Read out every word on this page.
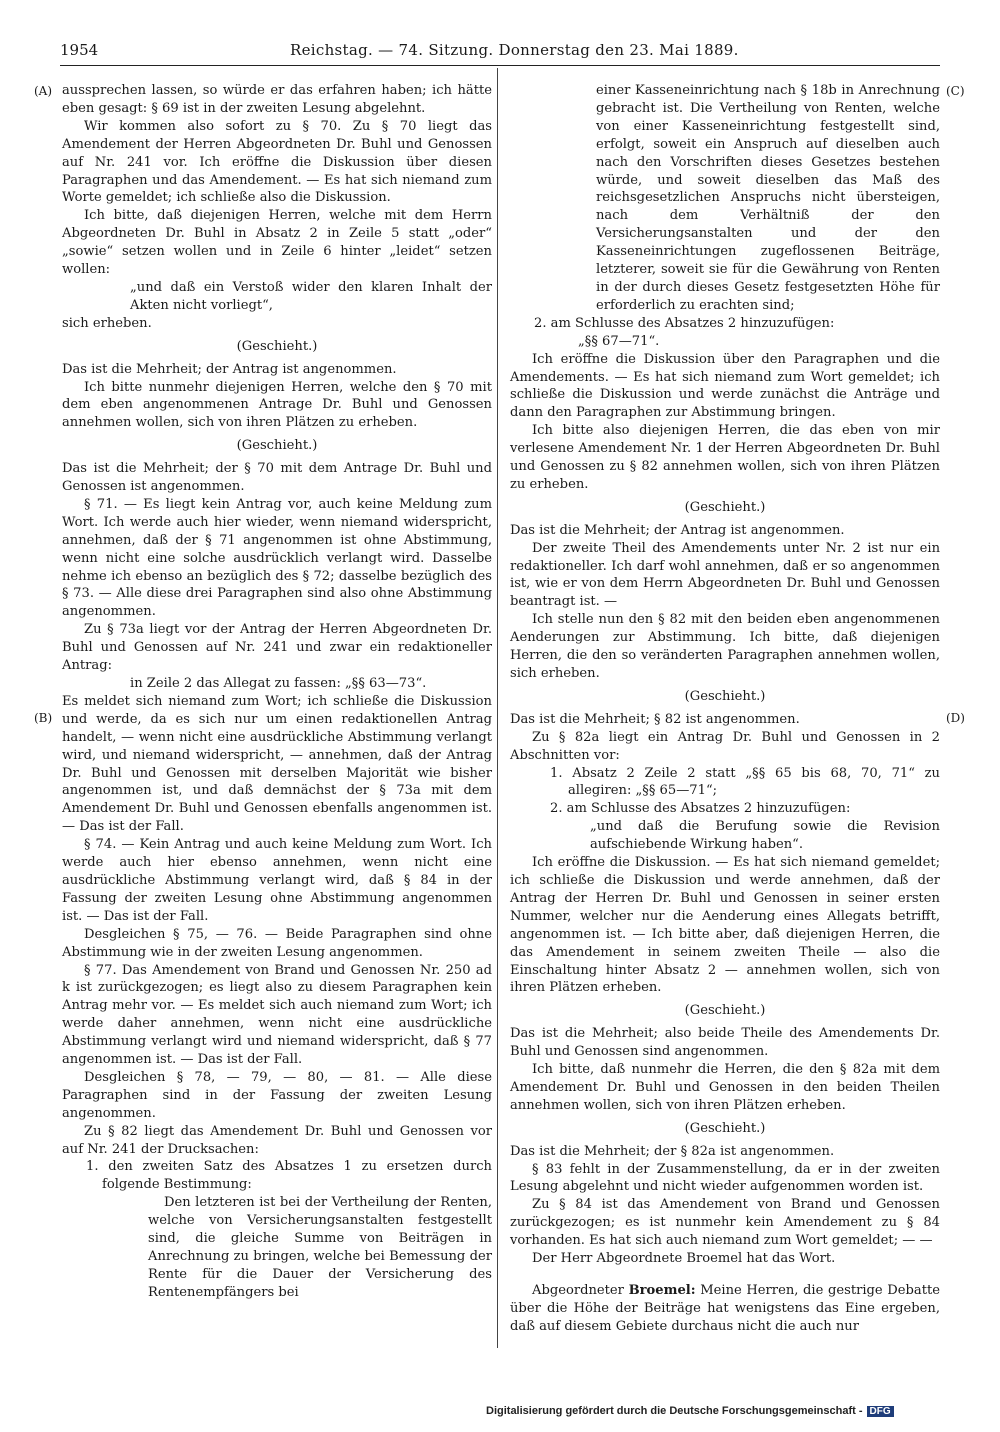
1954	Reichstag. — 74. Sitzung. Donnerstag den 23. Mai 1889.
(A)
(B)
(C)
(D)

aussprechen lassen, so würde er das erfahren haben; ich hätte eben gesagt: § 69 ist in der zweiten Lesung abgelehnt.

Wir kommen also sofort zu § 70. Zu § 70 liegt das Amendement der Herren Abgeordneten Dr. Buhl und Genossen auf Nr. 241 vor. Ich eröffne die Diskussion über diesen Paragraphen und das Amendement. — Es hat sich niemand zum Worte gemeldet; ich schließe also die Diskussion.

Ich bitte, daß diejenigen Herren, welche mit dem Herrn Abgeordneten Dr. Buhl in Absatz 2 in Zeile 5 statt „oder“ „sowie“ setzen wollen und in Zeile 6 hinter „leidet“ setzen wollen:

„und daß ein Verstoß wider den klaren Inhalt der Akten nicht vorliegt“,

sich erheben.

(Geschieht.)

Das ist die Mehrheit; der Antrag ist angenommen.

Ich bitte nunmehr diejenigen Herren, welche den § 70 mit dem eben angenommenen Antrage Dr. Buhl und Genossen annehmen wollen, sich von ihren Plätzen zu erheben.

(Geschieht.)

Das ist die Mehrheit; der § 70 mit dem Antrage Dr. Buhl und Genossen ist angenommen.

§ 71. — Es liegt kein Antrag vor, auch keine Meldung zum Wort. Ich werde auch hier wieder, wenn niemand widerspricht, annehmen, daß der § 71 angenommen ist ohne Abstimmung, wenn nicht eine solche ausdrücklich verlangt wird. Dasselbe nehme ich ebenso an bezüglich des § 72; dasselbe bezüglich des § 73. — Alle diese drei Paragraphen sind also ohne Abstimmung angenommen.

Zu § 73a liegt vor der Antrag der Herren Abgeordneten Dr. Buhl und Genossen auf Nr. 241 und zwar ein redaktioneller Antrag:

in Zeile 2 das Allegat zu fassen: „§§ 63—73“.

Es meldet sich niemand zum Wort; ich schließe die Diskussion und werde, da es sich nur um einen redaktionellen Antrag handelt, — wenn nicht eine ausdrückliche Abstimmung verlangt wird, und niemand widerspricht, — annehmen, daß der Antrag Dr. Buhl und Genossen mit derselben Majorität wie bisher angenommen ist, und daß demnächst der § 73a mit dem Amendement Dr. Buhl und Genossen ebenfalls angenommen ist. — Das ist der Fall.

§ 74. — Kein Antrag und auch keine Meldung zum Wort. Ich werde auch hier ebenso annehmen, wenn nicht eine ausdrückliche Abstimmung verlangt wird, daß § 84 in der Fassung der zweiten Lesung ohne Abstimmung angenommen ist. — Das ist der Fall.

Desgleichen § 75, — 76. — Beide Paragraphen sind ohne Abstimmung wie in der zweiten Lesung angenommen.

§ 77. Das Amendement von Brand und Genossen Nr. 250 ad k ist zurückgezogen; es liegt also zu diesem Paragraphen kein Antrag mehr vor. — Es meldet sich auch niemand zum Wort; ich werde daher annehmen, wenn nicht eine ausdrückliche Abstimmung verlangt wird und niemand widerspricht, daß § 77 angenommen ist. — Das ist der Fall.

Desgleichen § 78, — 79, — 80, — 81. — Alle diese Paragraphen sind in der Fassung der zweiten Lesung angenommen.

Zu § 82 liegt das Amendement Dr. Buhl und Genossen vor auf Nr. 241 der Drucksachen:

1. den zweiten Satz des Absatzes 1 zu ersetzen durch folgende Bestimmung:

Den letzteren ist bei der Vertheilung der Renten, welche von Versicherungsanstalten festgestellt sind, die gleiche Summe von Beiträgen in Anrechnung zu bringen, welche bei Bemessung der Rente für die Dauer der Versicherung des Rentenempfängers bei

einer Kasseneinrichtung nach § 18b in Anrechnung gebracht ist. Die Vertheilung von Renten, welche von einer Kasseneinrichtung festgestellt sind, erfolgt, soweit ein Anspruch auf dieselben auch nach den Vorschriften dieses Gesetzes bestehen würde, und soweit dieselben das Maß des reichsgesetzlichen Anspruchs nicht übersteigen, nach dem Verhältniß der den Versicherungsanstalten und der den Kasseneinrichtungen zugeflossenen Beiträge, letzterer, soweit sie für die Gewährung von Renten in der durch dieses Gesetz festgesetzten Höhe für erforderlich zu erachten sind;

2. am Schlusse des Absatzes 2 hinzuzufügen:

„§§ 67—71“.

Ich eröffne die Diskussion über den Paragraphen und die Amendements. — Es hat sich niemand zum Wort gemeldet; ich schließe die Diskussion und werde zunächst die Anträge und dann den Paragraphen zur Abstimmung bringen.

Ich bitte also diejenigen Herren, die das eben von mir verlesene Amendement Nr. 1 der Herren Abgeordneten Dr. Buhl und Genossen zu § 82 annehmen wollen, sich von ihren Plätzen zu erheben.

(Geschieht.)

Das ist die Mehrheit; der Antrag ist angenommen.

Der zweite Theil des Amendements unter Nr. 2 ist nur ein redaktioneller. Ich darf wohl annehmen, daß er so angenommen ist, wie er von dem Herrn Abgeordneten Dr. Buhl und Genossen beantragt ist. —

Ich stelle nun den § 82 mit den beiden eben angenommenen Aenderungen zur Abstimmung. Ich bitte, daß diejenigen Herren, die den so veränderten Paragraphen annehmen wollen, sich erheben.

(Geschieht.)

Das ist die Mehrheit; § 82 ist angenommen.

Zu § 82a liegt ein Antrag Dr. Buhl und Genossen in 2 Abschnitten vor:

1. Absatz 2 Zeile 2 statt „§§ 65 bis 68, 70, 71“ zu allegiren: „§§ 65—71“;

2. am Schlusse des Absatzes 2 hinzuzufügen:

„und daß die Berufung sowie die Revision aufschiebende Wirkung haben“.

Ich eröffne die Diskussion. — Es hat sich niemand gemeldet; ich schließe die Diskussion und werde annehmen, daß der Antrag der Herren Dr. Buhl und Genossen in seiner ersten Nummer, welcher nur die Aenderung eines Allegats betrifft, angenommen ist. — Ich bitte aber, daß diejenigen Herren, die das Amendement in seinem zweiten Theile — also die Einschaltung hinter Absatz 2 — annehmen wollen, sich von ihren Plätzen erheben.

(Geschieht.)

Das ist die Mehrheit; also beide Theile des Amendements Dr. Buhl und Genossen sind angenommen.

Ich bitte, daß nunmehr die Herren, die den § 82a mit dem Amendement Dr. Buhl und Genossen in den beiden Theilen annehmen wollen, sich von ihren Plätzen erheben.

(Geschieht.)

Das ist die Mehrheit; der § 82a ist angenommen.

§ 83 fehlt in der Zusammenstellung, da er in der zweiten Lesung abgelehnt und nicht wieder aufgenommen worden ist.

Zu § 84 ist das Amendement von Brand und Genossen zurückgezogen; es ist nunmehr kein Amendement zu § 84 vorhanden. Es hat sich auch niemand zum Wort gemeldet; — —

Der Herr Abgeordnete Broemel hat das Wort.

Abgeordneter Broemel: Meine Herren, die gestrige Debatte über die Höhe der Beiträge hat wenigstens das Eine ergeben, daß auf diesem Gebiete durchaus nicht die auch nur

Digitalisierung gefördert durch die Deutsche Forschungsgemeinschaft - DFG
